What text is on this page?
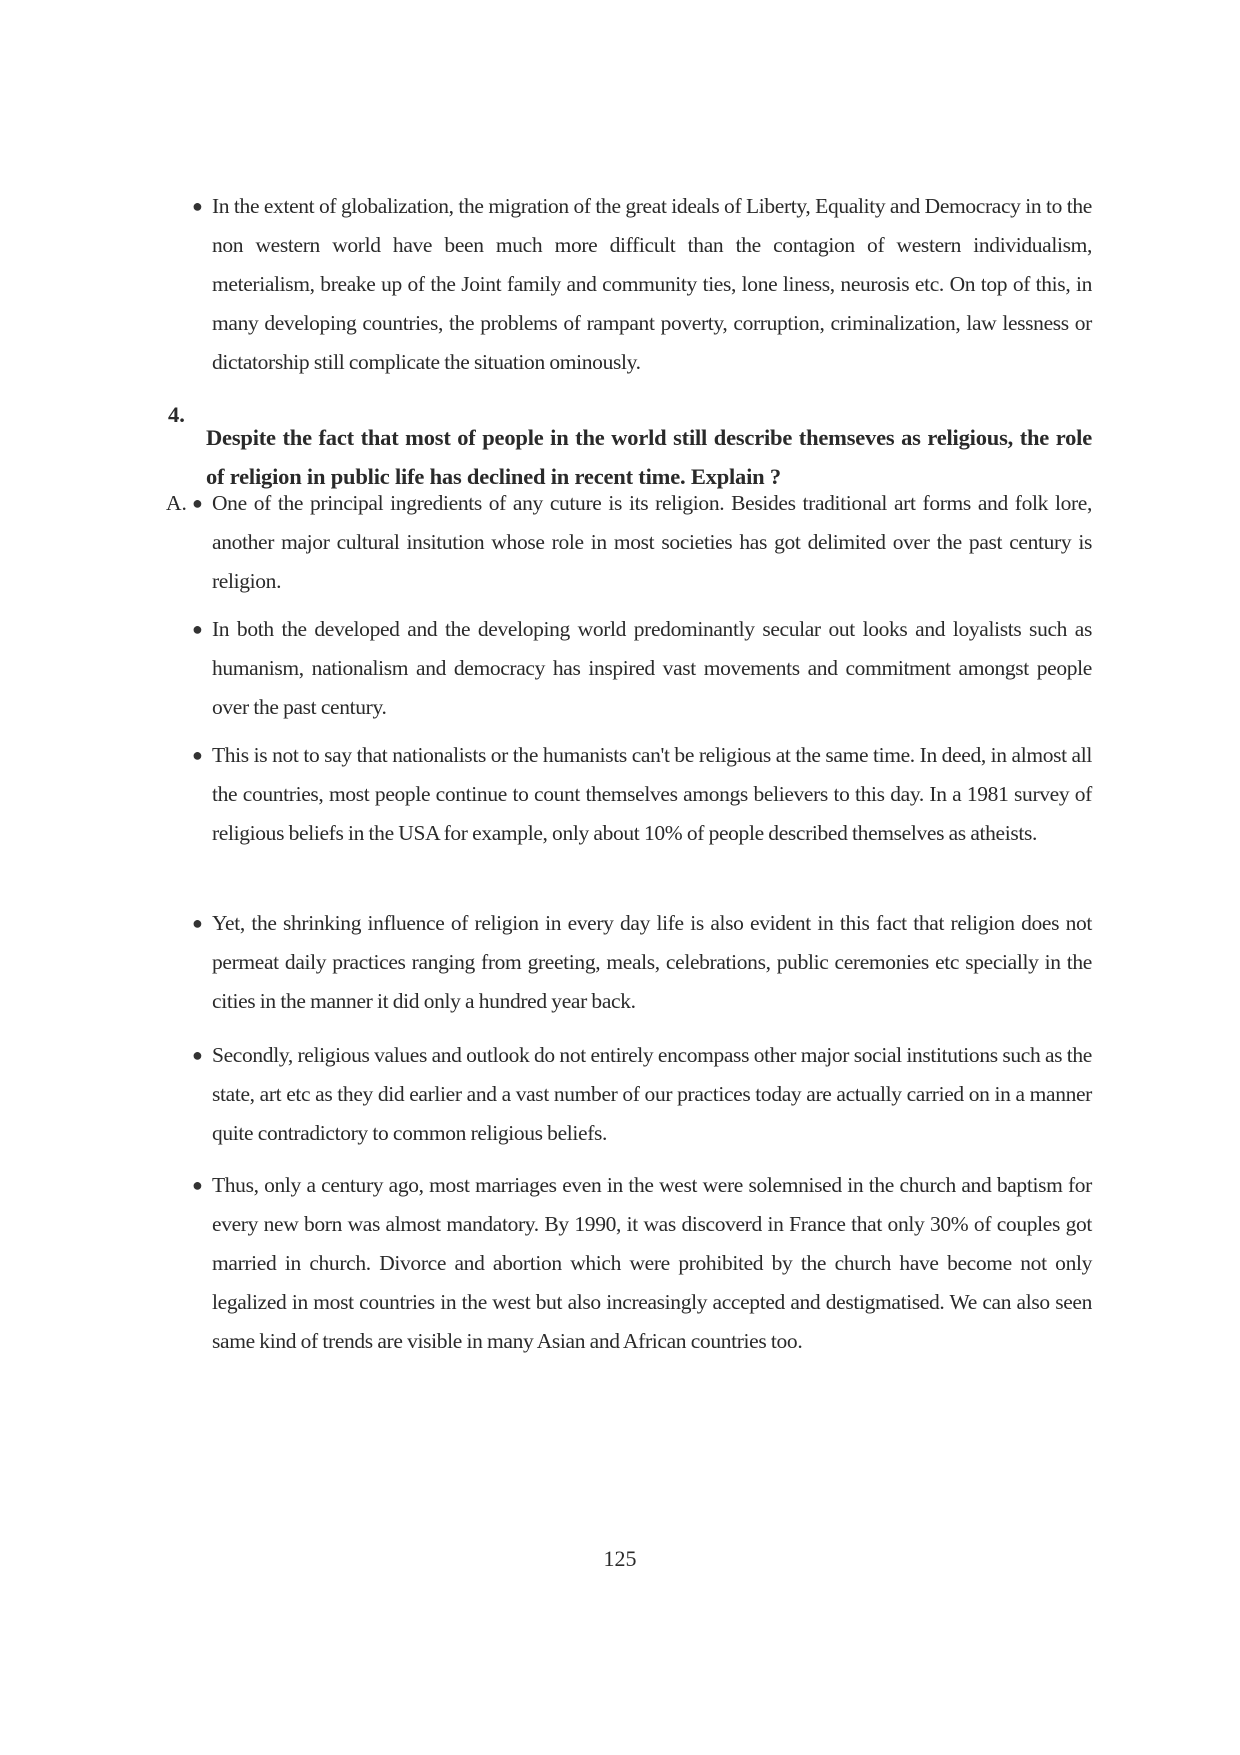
● In the extent of globalization, the migration of the great ideals of Liberty, Equality and Democracy in to the non western world have been much more difficult than the contagion of western individualism, meterialism, breake up of the Joint family and community ties, lone liness, neurosis etc. On top of this, in many developing countries, the problems of rampant poverty, corruption, criminalization, law lessness or dictatorship still complicate the situation ominously.

4.

Despite the fact that most of people in the world still describe themseves as religious, the role of religion in public life has declined in recent time. Explain ?

A. ● One of the principal ingredients of any cuture is its religion. Besides traditional art forms and folk lore, another major cultural insitution whose role in most societies has got delimited over the past century is religion.

● In both the developed and the developing world predominantly secular out looks and loyalists such as humanism, nationalism and democracy has inspired vast movements and commitment amongst people over the past century.

● This is not to say that nationalists or the humanists can't be religious at the same time. In deed, in almost all the countries, most people continue to count themselves amongs believers to this day. In a 1981 survey of religious beliefs in the USA for example, only about 10% of people described themselves as atheists.

● Yet, the shrinking influence of religion in every day life is also evident in this fact that religion does not permeat daily practices ranging from greeting, meals, celebrations, public ceremonies etc specially in the cities in the manner it did only a hundred year back.

● Secondly, religious values and outlook do not entirely encompass other major social institutions such as the state, art etc as they did earlier and a vast number of our practices today are actually carried on in a manner quite contradictory to common religious beliefs.

● Thus, only a century ago, most marriages even in the west were solemnised in the church and baptism for every new born was almost mandatory. By 1990, it was discoverd in France that only 30% of couples got married in church. Divorce and abortion which were prohibited by the church have become not only legalized in most countries in the west but also increasingly accepted and destigmatised. We can also seen same kind of trends are visible in many Asian and African countries too.

125
